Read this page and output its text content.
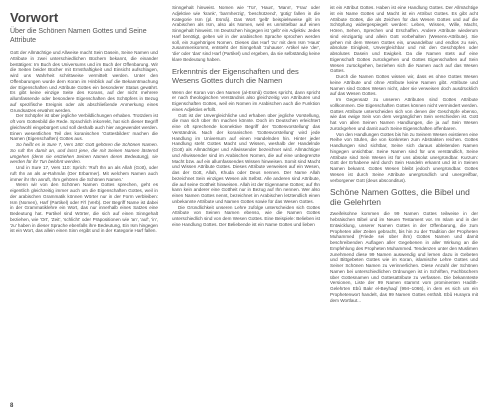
Vorwort
Über die Schönen Namen Gottes und Seine Attribute

Gott der Allmächtige und Allweise macht Sein Dasein, Seine Namen und Attribute in zwei unterschiedlichen Büchern bekannt, die einander bestätigen: Im Buch des Universums und im Buch der Offenbarung. Wir die Seiten beider Bücher mit Ernsthaftigkeit und Einsicht aufschlagen, wird uns Wahrheit schrittweise vermittelt werden. Unter den Offenbarungen wurde dem Koran im Hinblick auf die Bekanntmachung der Eigenschaften und Attribute Gottes ein besonderer Status gewährt. Es gibt keine einzige Seite des Korans, auf der nicht mehrere allumfassende oder besondere Eigenschaften des Schöpfers in Bezug auf spezifische Ereignis oder als abschließende Anmerkung eines Grundsatzes erwähnt werden.

Der Schöpfer ist über jegliche Verbildlichungen erhaben. Trotzdem ist oft vom Gottesbild die Rede. Sprachlich inkorrekt, hat sich dieser Begriff gleichwohl eingebürgert und soll deshalb auch hier angewendet werden. Einen wesentlichen Teil des koranischen 'Gottesbildes' machen die Namen (Eigenschaften) Gottes aus.

So heißt es in Sure 7, Vers 180: Gott gehören die Schönen Namen. So ruft Ihn damit an, und lasst jene, die mit Seinen Namen lästernd umgehen (denn sie entziehen Seinen Namen deren Bedeutung), sie werden für ihr Tun belohnt werden.

Und in Sure 17, Vers 110: Sprich: 'Ruft Ihn an als Allah (Gott), oder ruft Ihn an als ar-Rahmân (Der Erbarmer). Mit welchem Namen auch immer ihr Ihn anruft, Ihm gehören die Schönen Namen.'

Wenn wir von den Schönen Namen Gottes sprechen, geht es eigentlich gleichzeitig immer auch um die Eigenschaften Gottes, weil in der arabischen Grammatik können Wörter nur in der Form verbleiben: Ism (Nomen), Harf (Partikel) oder Fi'l (Verb). Der Begriff Name ist dabei in der Grammatiklehre ein Wort, das nur innerhalb eines Satzes eine Bedeutung hat. Partikel sind Wörter, die sich auf einen Sinngehalt beziehen, wie 'Ort', 'Zeit', 'schlicht' oder Präpositionen wie 'an', 'auf', 'in', 'zu' haben in dieser Sprache ebenfalls ihre Bedeutung, Ein Ism hingegen ist ein Wort, das allein einen Sinn ergibt und in der Kategorie Harf fallen.

Sinngehalt hinweist. Nomen wie 'Tür', 'Haus', 'Mann', 'Frau' oder Adjektive wie 'krank', 'barmherzig', 'beschützend', 'gütig' fallen in die Kategorie Ism (pl. Esmâ). Das Wort 'gelb' beispielsweise gilt im Arabischen als Ism, also als Nomen, weil es unmittelbar auf einen Sinngehalt hinweist. Im Deutschen hingegen ist 'gelb' ein Adjektiv. Jedes Harf benötigt, gelten wir in der arabischen Sprache sprochen werden soll, ein zugehöriges Nomen. Dieses das Harf 'zu' mit dem Ism 'Haus' zusammenkommt, entsteht der Sinngehalt 'zuhause'. Artikel wie 'der', 'die' oder 'das' sind Harf (Partikel) und ergeben, da sie selbständig keine klare Bedeutung haben.

Erkenntnis der Eigenschaften und des Wesens Gottes durch die Namen

Wenn der Koran von den Namen (al-Esmâ) Gottes spricht, dann spricht er nach theologischen Verständnis also gleichzeitig von Attributen und Eigenschaften Gottes, weil ein Nomen im Arabischen auch die Funktion eines Adjektivs erfüllt.

Gott ist der Unvergleichliche und erhaben über jegliche Vorstellung, die man sich über Ihn machen könnte. Doch im Deutschen erleichtert eine oft sprechende konnektive Begriff der 'Gottesvorstellung' das Verständnis. Nach der koranischen 'Gottesvorstellung' wird jede Handlung im Universum auf einen Handelnden hin. Hinter jeder Handlung steht Gottes Macht und Wissen, weshalb der Handelnde (Gott) als Allmächtiger und Allwissender bezeichnet wird. Allmächtiger und Allwissender sind im Arabischen Nomen, die auf eine unbegrenzte Macht bzw. auf ein allumfassendes Wissen hinweisen. Somit sind Macht und Wissen Attribute Gottes. Dieses Attribute verweisen auf ein Wesen, das der Gott, Allah, Khuda oder Deus nennen. Der Name Allah bezeichnet Sein einziges Wesen als Selbst. Alle anderen sind Attribute, die auf seine Gottheit hinweisen. Allah ist der Eigenname Gottes; auf Ihn kann kein anderer eine Gottheit nur in Bezug auf Ihn nennen. Wer also einen Namen Gottes nennt, bezeichnet im Arabischen letztendlich einen unbekannte Attribute und Namen Gottes sowie für das Wesen Gottes.

Die Gründlichkeit unseren Lehre zufolge unterscheiden sich Gottes Attribute von Seinen Namen ebenso, wie die Namen Gottes unterschiedlich sind von dem Wesen Gottes. Eine Beispiele: Belieben ist eine Handlung Gottes. Der Beliebende ist ein Name Gottes und lieben

ist ein Attribut Gottes. Haben ist eine Handlung Gottes. Der Allmächtige ist ein Name Gottes und Macht ist ein Attribut Gottes. Es gibt acht Attribute Gottes, die als Zeichen für das Wesen Gottes und auf die Schöpfung widergespiegelt werden: Leben, Wissen, Wille, Macht, Hören, Sehen, Sprechen und Erschaffen. Andere Attribute wiederum sind einzigartig und allein Gott vorbehalten (Wesens-Attribute). Sie gehen mit dem Wesen Gottes ein, unwandelbar und endlos zu sein, absolute Einigkeit, Unvergleichbar und mit den Geschöpfen oder absolutes Dasein und Ewigkeit. Da die Namen stets auf eine Eigenschaft Gottes zurückgehen und Gottes Eigenschaften auf Sein Wesen zurückgehen, beziehen sich die Namen auch auf das Wesen Gottes.

Durch die Namen Gottes wissen wir, dass es ohne Gottes Wesen keine Attribute und ohne Attribute keine Namen gibt. Attribute und Namen sind Gottes Wesen nicht, aber sie verweisen doch ausdrücklich auf das Wesen Gottes.

Im Gegensatz zu unseren Attributen sind Gottes Attribute vollkommen. Die Eigenschaften Gottes können nicht vermindert werden. Gottes Attribute unterscheiden sich von denen der Geschöpfe ebenso, wie das ewige Sein von dem vergänglichen Sein verschieden ist. Gott hat von allen Seinen Namen Handlungen, die ja auf Sein Wesen zurückgehen und damit auch Seine Eigenschaften offenbaren.

Von den Handlungen Gottes bis hin zu Seinem Wesen existieren eine Reihe von Stufen, die von konkreten zum Abstrakten reichen. Gottes Handlungen sind sichtbar, Seine sich daraus ableitenden Namen hingegen unsichtbar. Seine Namen sind für uns verständlich, Seine Attribute sind Sein Wesen ist für uns absolut unergründbar. Kurzum: Gott der Erhabene wird durch Sein Handeln erkannt und ist in Seinen Namen bekannt. Gottes Wesen bleibt jedoch unergründbar. Gottes Wesen ist durch Seine Attribute unergründlich und unergreifbar, verborgener Gott (deus absconditus).

Schöne Namen Gottes, die Bibel und die Gelehrten

Zweifelsohne kommen die 99 Namen Gottes teilweise in der hebräischen Bibel und im Neuen Testament vor. Im Islam und in der Entwicklung, unserer Namen Gottes in der Offenbarung, die zum Propheten aller Zeiten gebracht, bis hin zu der Tradition der Propheten Muhammed (Friede sei über ihm) Gottes Namen und damit beschreibenden Auflagen aller Gegebenen in aller Wirkung an die Empfehlung des Propheten Muhammed. Tendenzen unter den Muslimen zunehmend diese 99 Namen auswendig und lernen dazu in Gebeten und Bittgebeten Gottes wie im Koran, islamische Lehre Gottes und Seiner Schönen Namen zu verinnerlichen. Diese Anzahl der Schönen Namen bei unterschiedlichen Ordnungen ist in Schriften, Fachbüchern über Gottesnamen und Gottesattribute zu verfassen. Die bekannteste Versionen, Liste der 99 Namen stammt vom prominenten Hadith-Gelehrten Ebû Bakr el-Beyhaqî (994–1066), in dem es sich um ein Prophetenwort handelt, das 99 Namen Gottes enthält. Ebû Hurayra mit dem Wortlaut...

8
